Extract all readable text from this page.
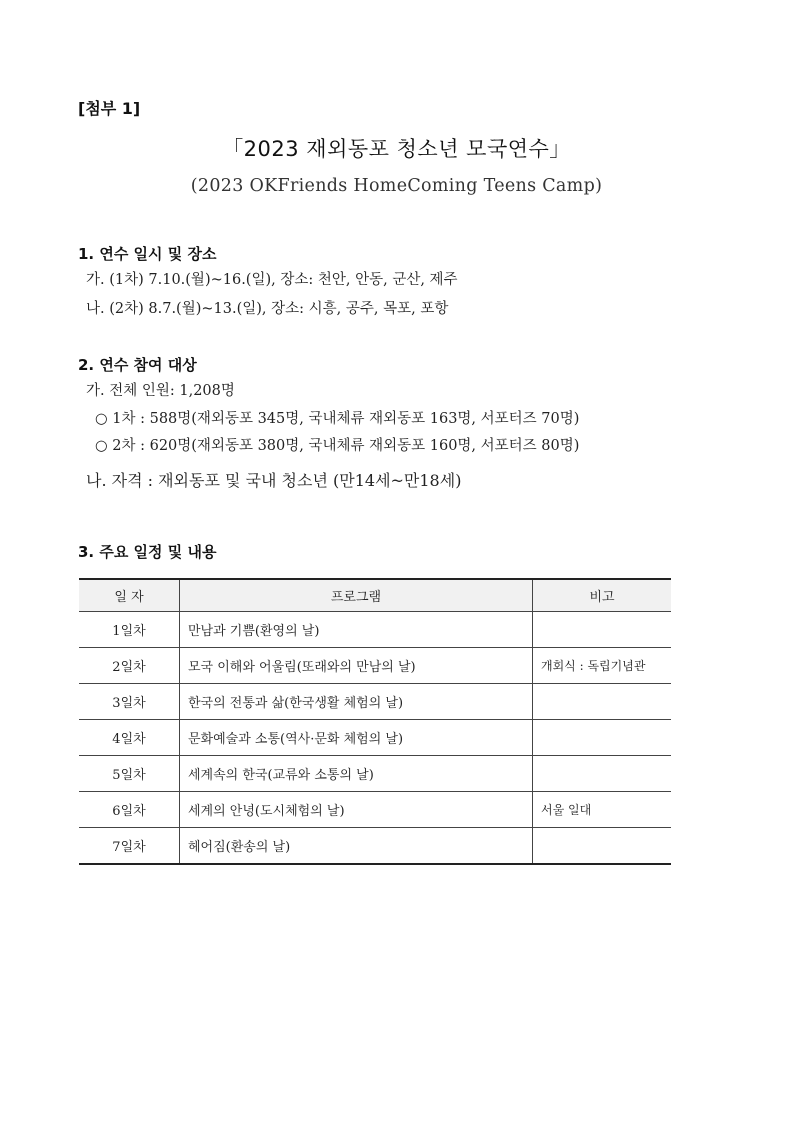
[첨부 1]
「2023 재외동포 청소년 모국연수」
(2023 OKFriends HomeComing Teens Camp)
1. 연수 일시 및 장소
가. (1차) 7.10.(월)~16.(일), 장소: 천안, 안동, 군산, 제주
나. (2차) 8.7.(월)~13.(일), 장소: 시흥, 공주, 목포, 포항
2. 연수 참여 대상
가. 전체 인원: 1,208명
○ 1차 : 588명(재외동포 345명, 국내체류 재외동포 163명, 서포터즈 70명)
○ 2차 : 620명(재외동포 380명, 국내체류 재외동포 160명, 서포터즈 80명)
나. 자격 : 재외동포 및 국내 청소년 (만14세~만18세)
3. 주요 일정 및 내용
일 자	프로그램	비고
1일차	만남과 기쁨(환영의 날)	
2일차	모국 이해와 어울림(또래와의 만남의 날)	개회식 : 독립기념관
3일차	한국의 전통과 삶(한국생활 체험의 날)	
4일차	문화예술과 소통(역사·문화 체험의 날)	
5일차	세계속의 한국(교류와 소통의 날)	
6일차	세계의 안녕(도시체험의 날)	서울 일대
7일차	헤어짐(환송의 날)	
